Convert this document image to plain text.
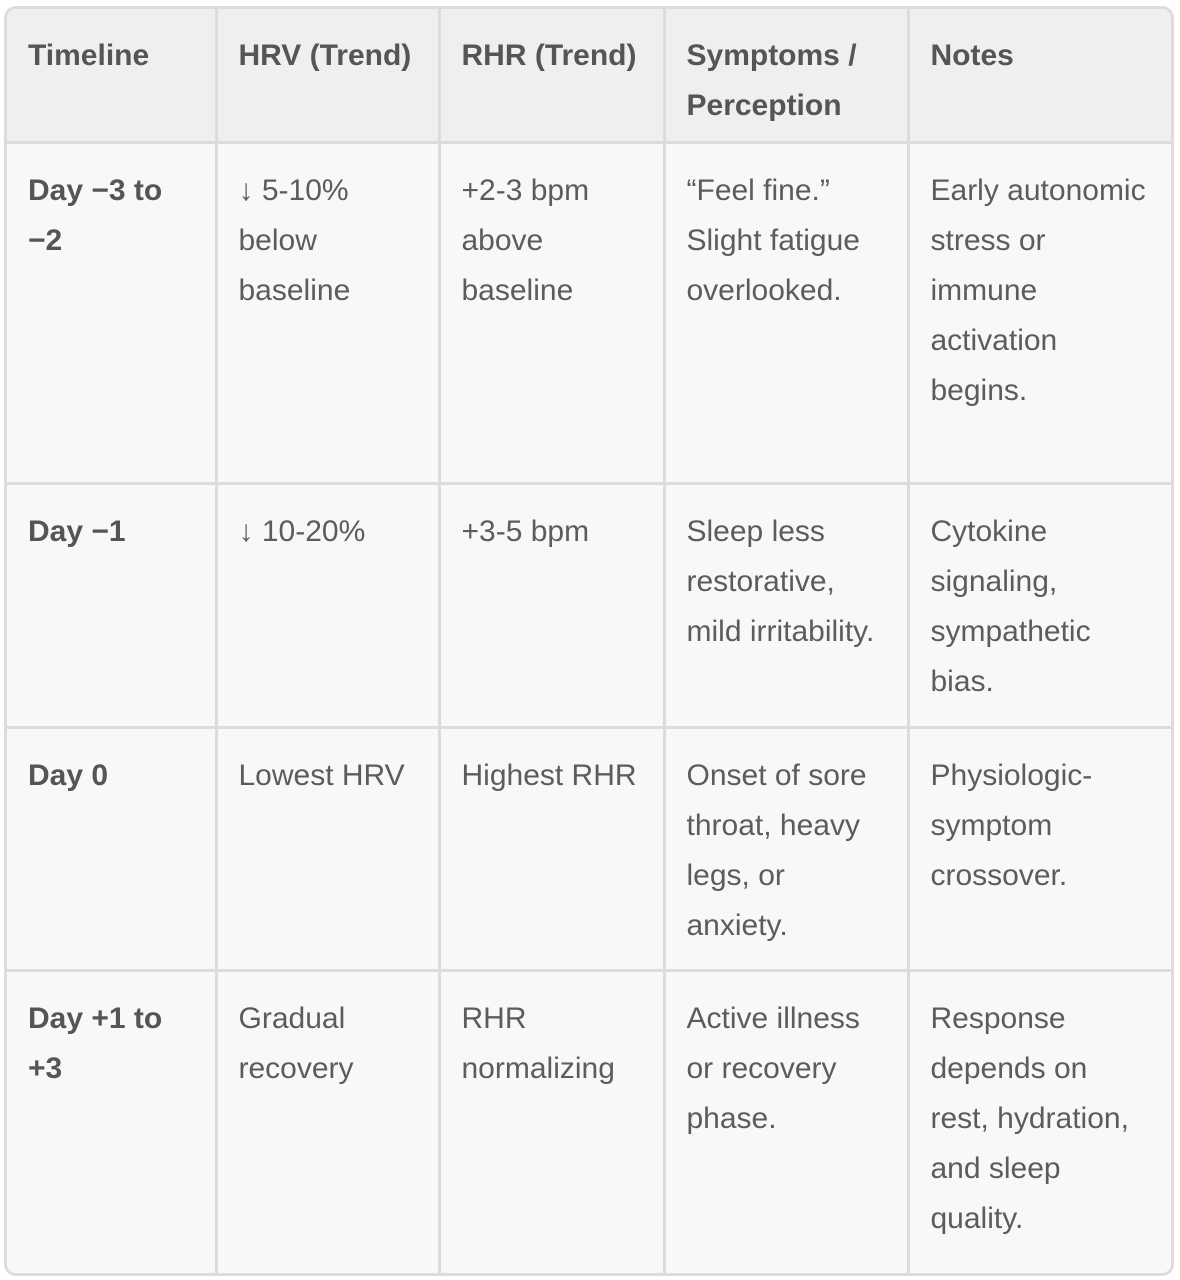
Timeline	HRV (Trend)	RHR (Trend)	Symptoms / Perception	Notes
Day −3 to −2	↓ 5-10% below baseline	+2-3 bpm above baseline	“Feel fine.” Slight fatigue overlooked.	Early autonomic stress or immune activation begins.
Day −1	↓ 10-20%	+3-5 bpm	Sleep less restorative, mild irritability.	Cytokine signaling, sympathetic bias.
Day 0	Lowest HRV	Highest RHR	Onset of sore throat, heavy legs, or anxiety.	Physiologic-symptom crossover.
Day +1 to +3	Gradual recovery	RHR normalizing	Active illness or recovery phase.	Response depends on rest, hydration, and sleep quality.
